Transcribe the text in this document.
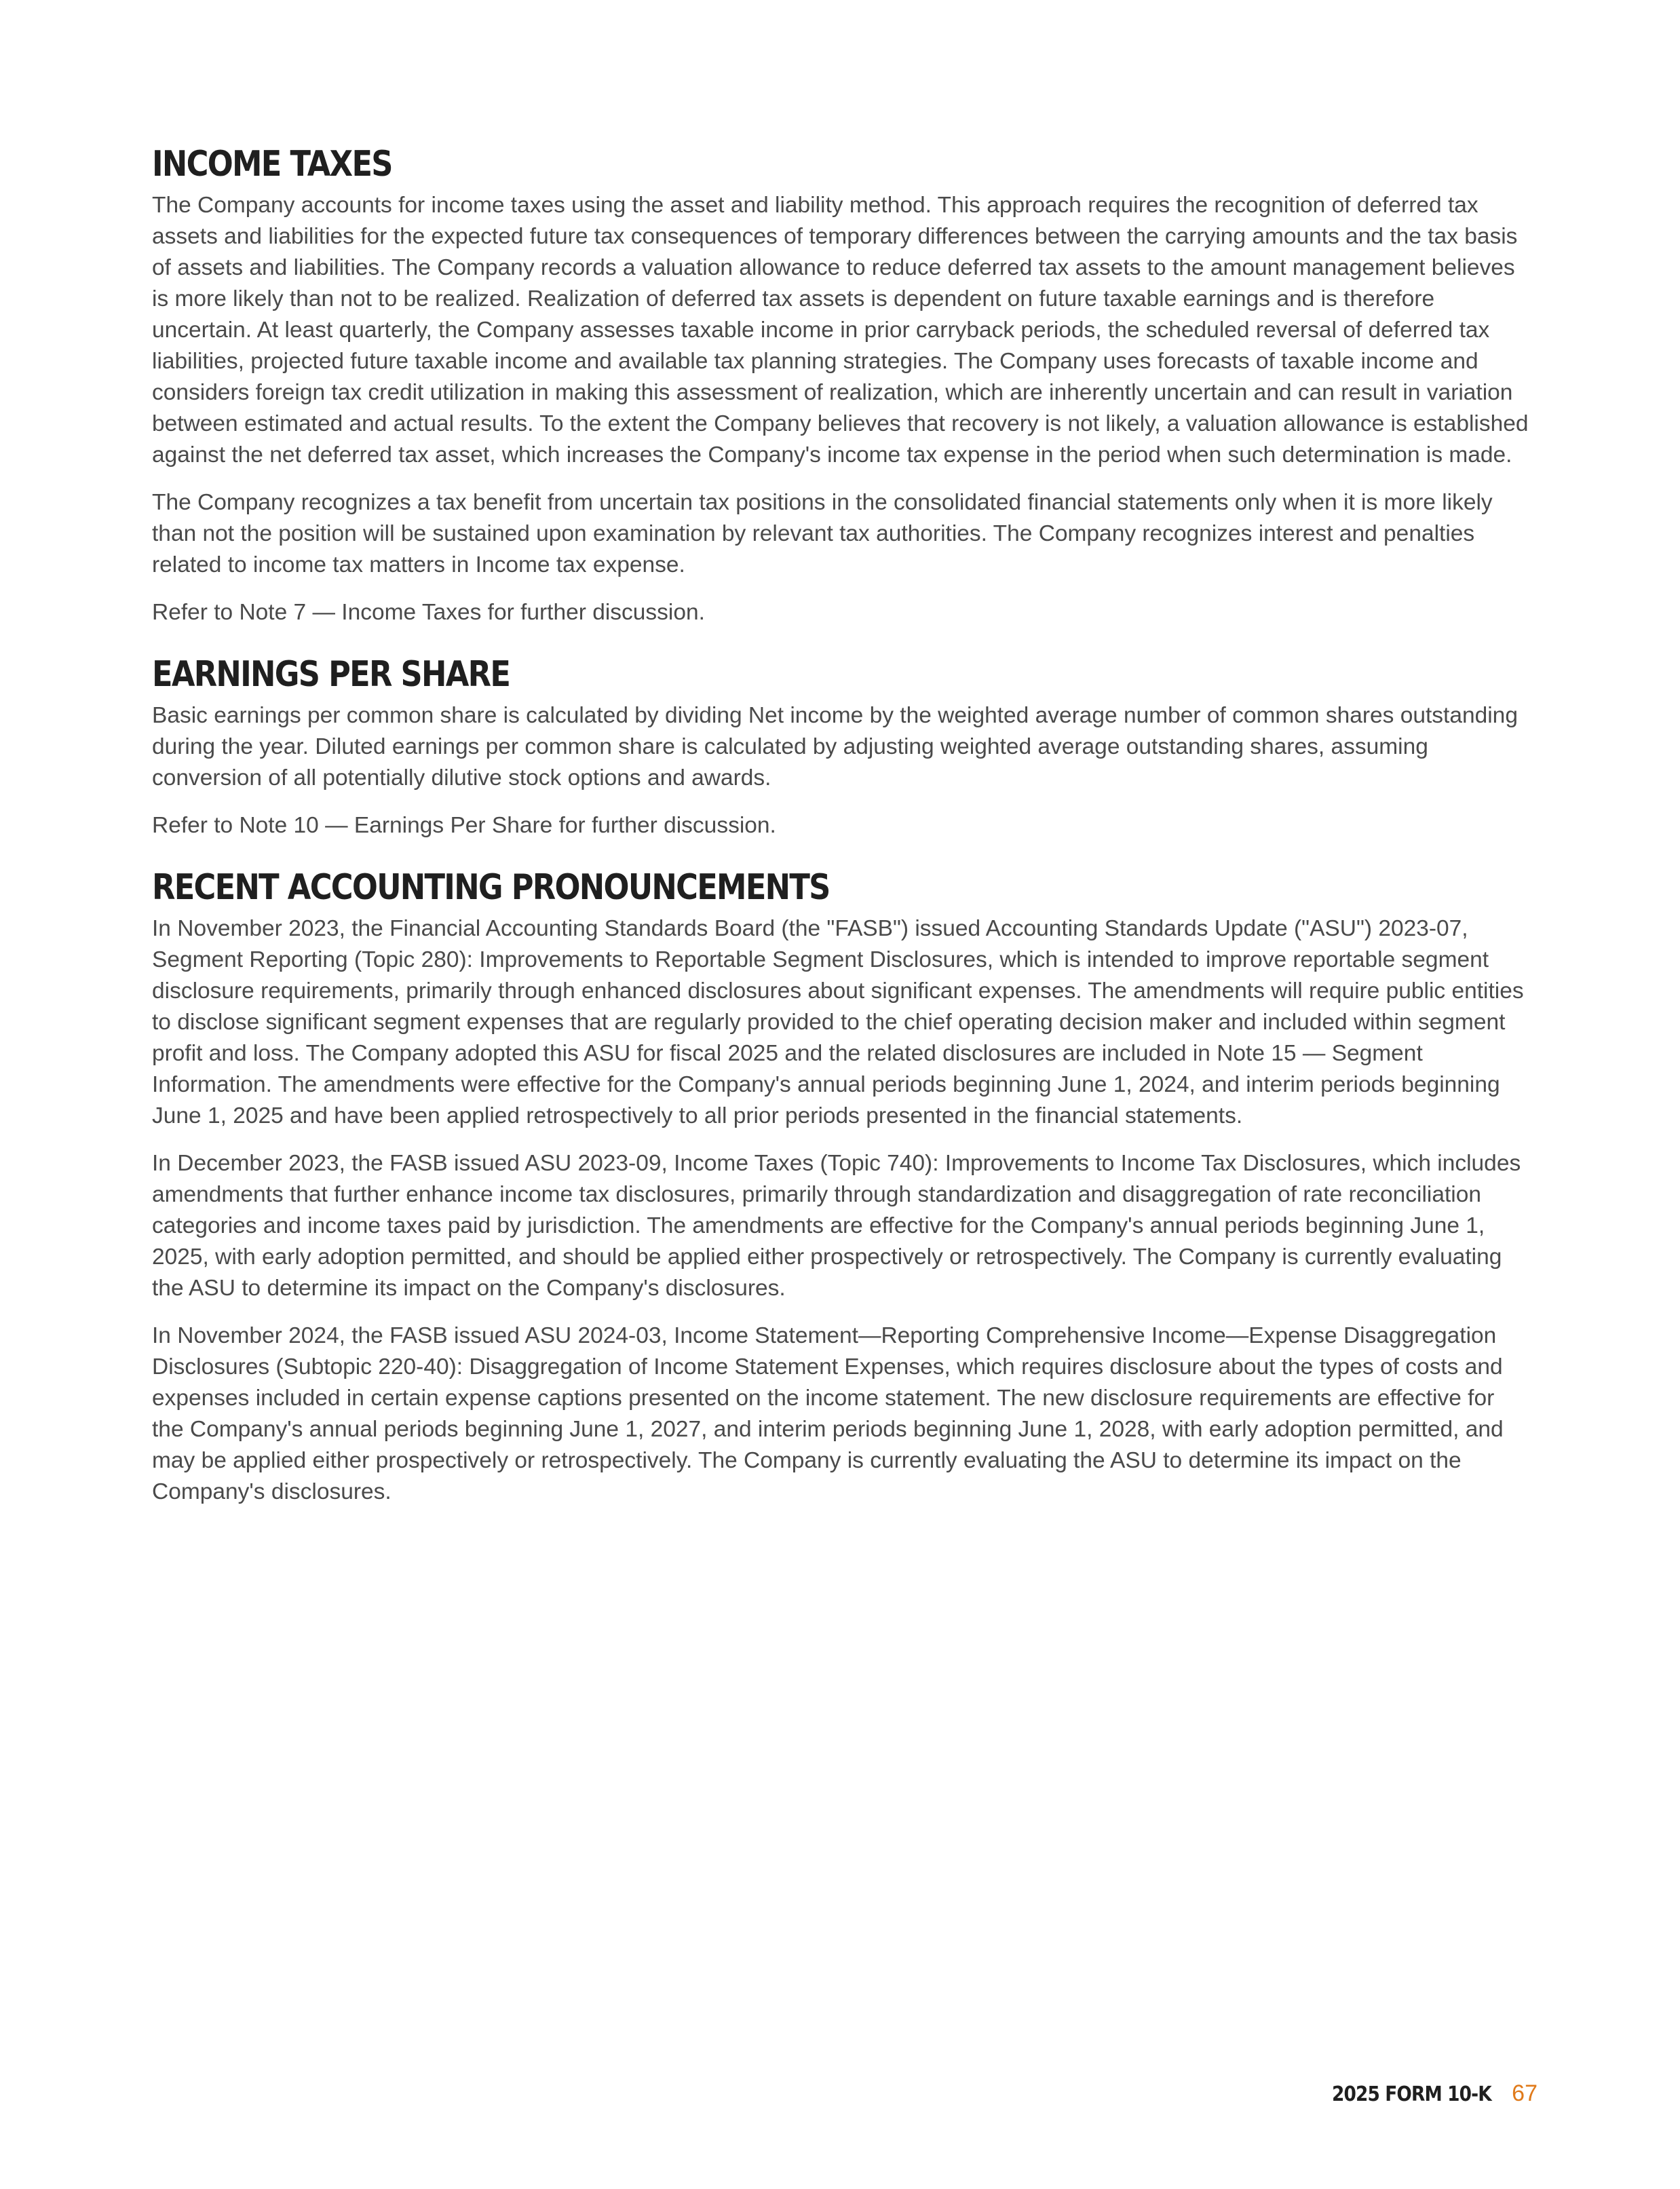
INCOME TAXES

The Company accounts for income taxes using the asset and liability method. This approach requires the recognition of deferred tax assets and liabilities for the expected future tax consequences of temporary differences between the carrying amounts and the tax basis of assets and liabilities. The Company records a valuation allowance to reduce deferred tax assets to the amount management believes is more likely than not to be realized. Realization of deferred tax assets is dependent on future taxable earnings and is therefore uncertain. At least quarterly, the Company assesses taxable income in prior carryback periods, the scheduled reversal of deferred tax liabilities, projected future taxable income and available tax planning strategies. The Company uses forecasts of taxable income and considers foreign tax credit utilization in making this assessment of realization, which are inherently uncertain and can result in variation between estimated and actual results. To the extent the Company believes that recovery is not likely, a valuation allowance is established against the net deferred tax asset, which increases the Company's income tax expense in the period when such determination is made.

The Company recognizes a tax benefit from uncertain tax positions in the consolidated financial statements only when it is more likely than not the position will be sustained upon examination by relevant tax authorities. The Company recognizes interest and penalties related to income tax matters in Income tax expense.

Refer to Note 7 — Income Taxes for further discussion.

EARNINGS PER SHARE

Basic earnings per common share is calculated by dividing Net income by the weighted average number of common shares outstanding during the year. Diluted earnings per common share is calculated by adjusting weighted average outstanding shares, assuming conversion of all potentially dilutive stock options and awards.

Refer to Note 10 — Earnings Per Share for further discussion.

RECENT ACCOUNTING PRONOUNCEMENTS

In November 2023, the Financial Accounting Standards Board (the "FASB") issued Accounting Standards Update ("ASU") 2023-07, Segment Reporting (Topic 280): Improvements to Reportable Segment Disclosures, which is intended to improve reportable segment disclosure requirements, primarily through enhanced disclosures about significant expenses. The amendments will require public entities to disclose significant segment expenses that are regularly provided to the chief operating decision maker and included within segment profit and loss. The Company adopted this ASU for fiscal 2025 and the related disclosures are included in Note 15 — Segment Information. The amendments were effective for the Company's annual periods beginning June 1, 2024, and interim periods beginning June 1, 2025 and have been applied retrospectively to all prior periods presented in the financial statements.

In December 2023, the FASB issued ASU 2023-09, Income Taxes (Topic 740): Improvements to Income Tax Disclosures, which includes amendments that further enhance income tax disclosures, primarily through standardization and disaggregation of rate reconciliation categories and income taxes paid by jurisdiction. The amendments are effective for the Company's annual periods beginning June 1, 2025, with early adoption permitted, and should be applied either prospectively or retrospectively. The Company is currently evaluating the ASU to determine its impact on the Company's disclosures.

In November 2024, the FASB issued ASU 2024-03, Income Statement—Reporting Comprehensive Income—Expense Disaggregation Disclosures (Subtopic 220-40): Disaggregation of Income Statement Expenses, which requires disclosure about the types of costs and expenses included in certain expense captions presented on the income statement. The new disclosure requirements are effective for the Company's annual periods beginning June 1, 2027, and interim periods beginning June 1, 2028, with early adoption permitted, and may be applied either prospectively or retrospectively. The Company is currently evaluating the ASU to determine its impact on the Company's disclosures.

2025 FORM 10-K 67
